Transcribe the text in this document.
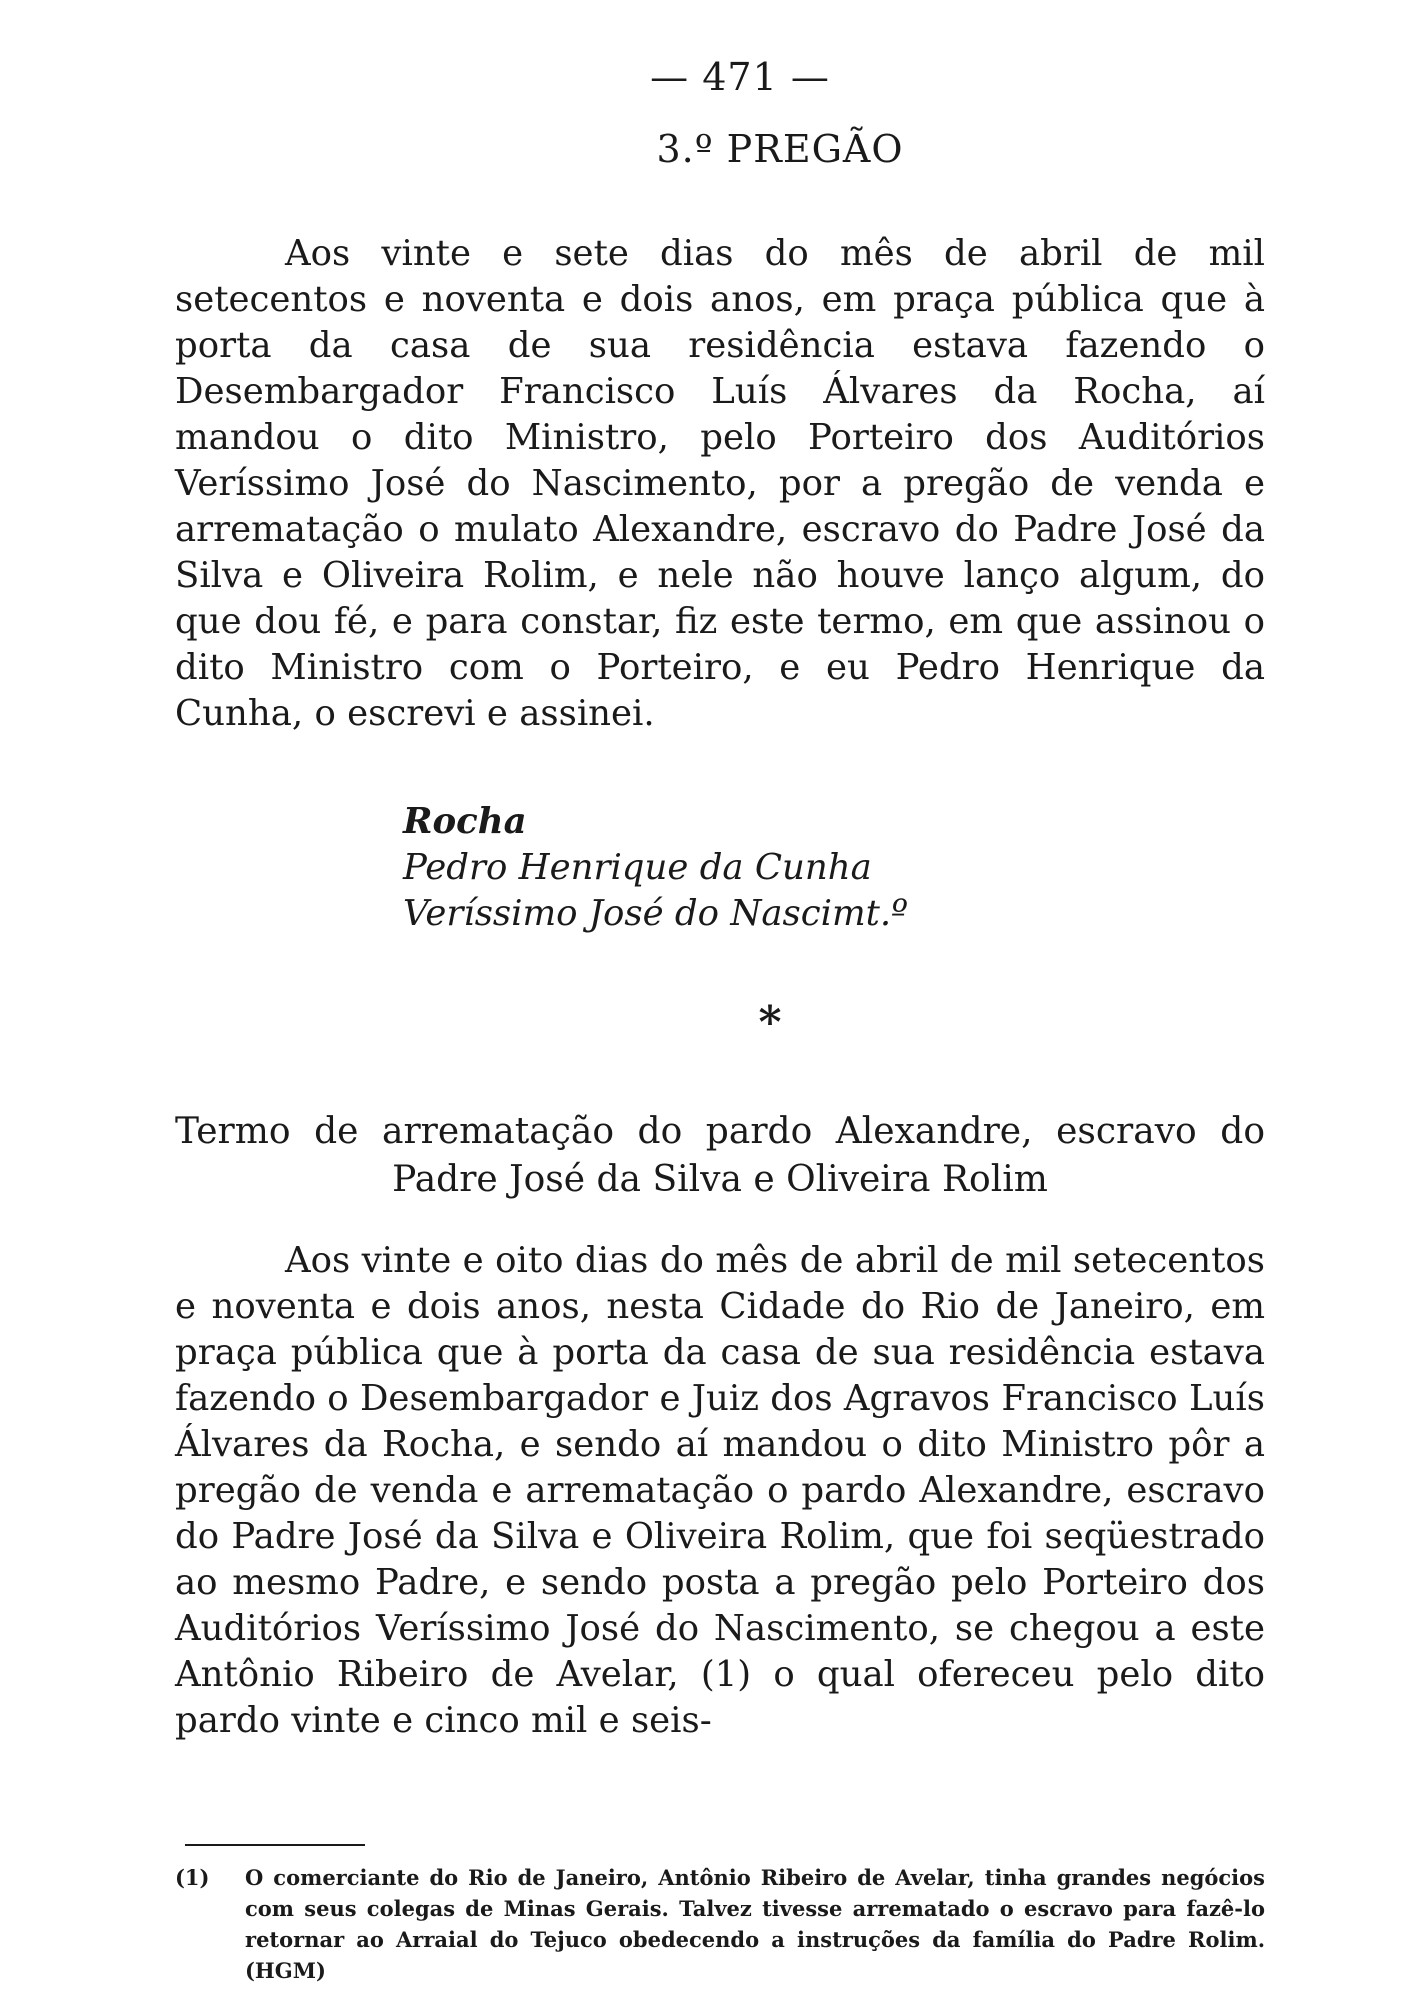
— 471 —
3.º PREGÃO

Aos vinte e sete dias do mês de abril de mil setecentos e noventa e dois anos, em praça pública que à porta da casa de sua residência estava fazendo o Desembargador Francisco Luís Álvares da Rocha, aí mandou o dito Ministro, pelo Porteiro dos Auditórios Veríssimo José do Nascimento, por a pregão de venda e arrematação o mulato Alexandre, escravo do Padre José da Silva e Oliveira Rolim, e nele não houve lanço algum, do que dou fé, e para constar, fiz este termo, em que assinou o dito Ministro com o Porteiro, e eu Pedro Henrique da Cunha, o escrevi e assinei.

Rocha
Pedro Henrique da Cunha
Veríssimo José do Nascimt.º
*
Termo de arrematação do pardo Alexandre, escravo do
Padre José da Silva e Oliveira Rolim

Aos vinte e oito dias do mês de abril de mil setecentos e noventa e dois anos, nesta Cidade do Rio de Janeiro, em praça pública que à porta da casa de sua residência estava fazendo o Desembargador e Juiz dos Agravos Francisco Luís Álvares da Rocha, e sendo aí mandou o dito Ministro pôr a pregão de venda e arrematação o pardo Alexandre, escravo do Padre José da Silva e Oliveira Rolim, que foi seqüestrado ao mesmo Padre, e sendo posta a pregão pelo Porteiro dos Auditórios Veríssimo José do Nascimento, se chegou a este Antônio Ribeiro de Avelar, (1) o qual ofereceu pelo dito pardo vinte e cinco mil e seis-

(1)	O comerciante do Rio de Janeiro, Antônio Ribeiro de Avelar, tinha grandes negócios com seus colegas de Minas Gerais. Talvez tivesse arrematado o escravo para fazê-lo retornar ao Arraial do Tejuco obedecendo a instruções da família do Padre Rolim. (HGM)
